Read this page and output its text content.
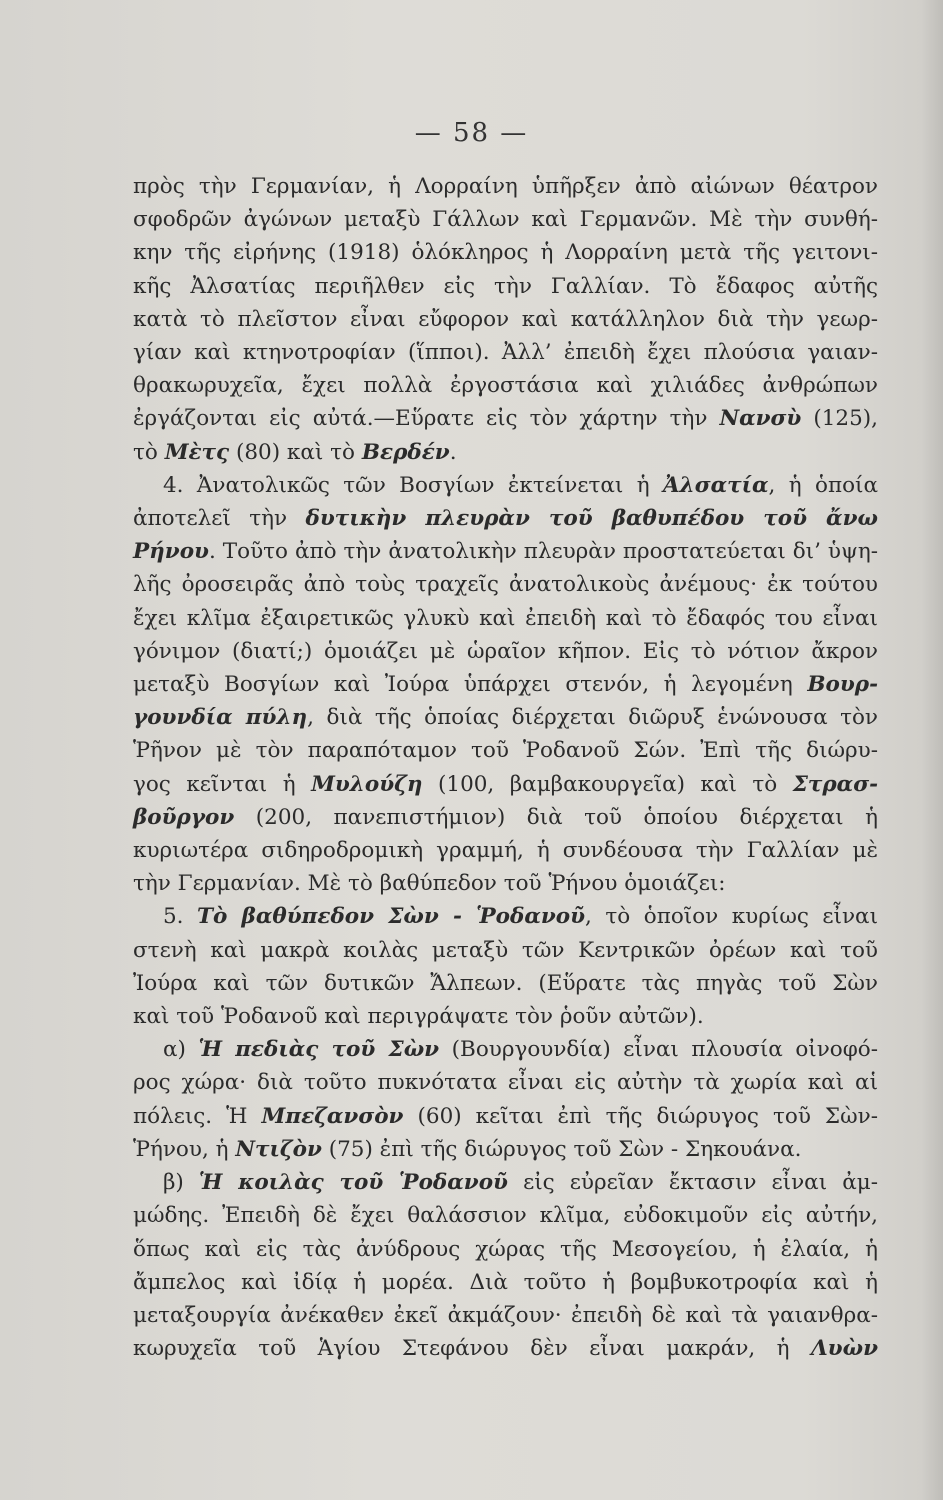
— 58 —
πρὸς τὴν Γερμανίαν, ἡ Λορραίνη ὑπῆρξεν ἀπὸ αἰώνων θέατρον
σφοδρῶν ἀγώνων μεταξὺ Γάλλων καὶ Γερμανῶν. Μὲ τὴν συνθή-
κην τῆς εἰρήνης (1918) ὁλόκληρος ἡ Λορραίνη μετὰ τῆς γειτονι-
κῆς Ἀλσατίας περιῆλθεν εἰς τὴν Γαλλίαν. Τὸ ἔδαφος αὐτῆς
κατὰ τὸ πλεῖστον εἶναι εὔφορον καὶ κατάλληλον διὰ τὴν γεωρ-
γίαν καὶ κτηνοτροφίαν (ἵπποι). Ἀλλ’ ἐπειδὴ ἔχει πλούσια γαιαν-
θρακωρυχεῖα, ἔχει πολλὰ ἐργοστάσια καὶ χιλιάδες ἀνθρώπων
ἐργάζονται εἰς αὐτά.—Εὕρατε εἰς τὸν χάρτην τὴν Νανσὺ (125),
τὸ Μὲτς (80) καὶ τὸ Βερδέν.
4. Ἀνατολικῶς τῶν Βοσγίων ἐκτείνεται ἡ Ἀλσατία, ἡ ὁποία
ἀποτελεῖ τὴν δυτικὴν πλευρὰν τοῦ βαθυπέδου τοῦ ἄνω
Ρήνου. Τοῦτο ἀπὸ τὴν ἀνατολικὴν πλευρὰν προστατεύεται δι’ ὑψη-
λῆς ὀροσειρᾶς ἀπὸ τοὺς τραχεῖς ἀνατολικοὺς ἀνέμους· ἐκ τούτου
ἔχει κλῖμα ἐξαιρετικῶς γλυκὺ καὶ ἐπειδὴ καὶ τὸ ἔδαφός του εἶναι
γόνιμον (διατί;) ὁμοιάζει μὲ ὡραῖον κῆπον. Εἰς τὸ νότιον ἄκρον
μεταξὺ Βοσγίων καὶ Ἰούρα ὑπάρχει στενόν, ἡ λεγομένη Βουρ-
γουνδία πύλη, διὰ τῆς ὁποίας διέρχεται διῶρυξ ἑνώνουσα τὸν
Ῥῆνον μὲ τὸν παραπόταμον τοῦ Ῥοδανοῦ Σών. Ἐπὶ τῆς διώρυ-
γος κεῖνται ἡ Μυλούζη (100, βαμβακουργεῖα) καὶ τὸ Στρασ-
βοῦργον (200, πανεπιστήμιον) διὰ τοῦ ὁποίου διέρχεται ἡ
κυριωτέρα σιδηροδρομικὴ γραμμή, ἡ συνδέουσα τὴν Γαλλίαν μὲ
τὴν Γερμανίαν. Μὲ τὸ βαθύπεδον τοῦ Ῥήνου ὁμοιάζει:
5. Τὸ βαθύπεδον Σὼν - Ῥοδανοῦ, τὸ ὁποῖον κυρίως εἶναι
στενὴ καὶ μακρὰ κοιλὰς μεταξὺ τῶν Κεντρικῶν ὀρέων καὶ τοῦ
Ἰούρα καὶ τῶν δυτικῶν Ἄλπεων. (Εὕρατε τὰς πηγὰς τοῦ Σὼν
καὶ τοῦ Ῥοδανοῦ καὶ περιγράψατε τὸν ῥοῦν αὐτῶν).
α) Ἡ πεδιὰς τοῦ Σὼν (Βουργουνδία) εἶναι πλουσία οἰνοφό-
ρος χώρα· διὰ τοῦτο πυκνότατα εἶναι εἰς αὐτὴν τὰ χωρία καὶ αἱ
πόλεις. Ἡ Μπεζανσὸν (60) κεῖται ἐπὶ τῆς διώρυγος τοῦ Σὼν-
Ῥήνου, ἡ Ντιζὸν (75) ἐπὶ τῆς διώρυγος τοῦ Σὼν - Σηκουάνα.
β) Ἡ κοιλὰς τοῦ Ῥοδανοῦ εἰς εὐρεῖαν ἔκτασιν εἶναι ἀμ-
μώδης. Ἐπειδὴ δὲ ἔχει θαλάσσιον κλῖμα, εὐδοκιμοῦν εἰς αὐτήν,
ὅπως καὶ εἰς τὰς ἀνύδρους χώρας τῆς Μεσογείου, ἡ ἐλαία, ἡ
ἄμπελος καὶ ἰδίᾳ ἡ μορέα. Διὰ τοῦτο ἡ βομβυκοτροφία καὶ ἡ
μεταξουργία ἀνέκαθεν ἐκεῖ ἀκμάζουν· ἐπειδὴ δὲ καὶ τὰ γαιανθρα-
κωρυχεῖα τοῦ Ἁγίου Στεφάνου δὲν εἶναι μακράν, ἡ Λυὼν
